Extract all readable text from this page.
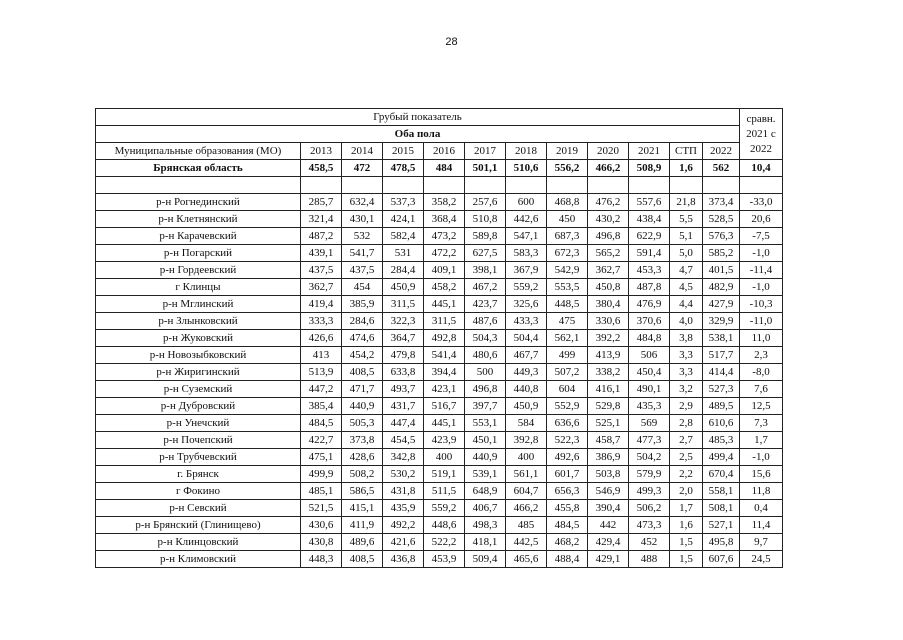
28
Грубый показатель												сравн. 2021 с 2022
Оба пола												
Муниципальные образования (МО)	2013	2014	2015	2016	2017	2018	2019	2020	2021	СТП	2022	
Брянская область	458,5	472	478,5	484	501,1	510,6	556,2	466,2	508,9	1,6	562	10,4

р-н Рогнединский	285,7	632,4	537,3	358,2	257,6	600	468,8	476,2	557,6	21,8	373,4	-33,0
р-н Клетнянский	321,4	430,1	424,1	368,4	510,8	442,6	450	430,2	438,4	5,5	528,5	20,6
р-н Карачевский	487,2	532	582,4	473,2	589,8	547,1	687,3	496,8	622,9	5,1	576,3	-7,5
р-н Погарский	439,1	541,7	531	472,2	627,5	583,3	672,3	565,2	591,4	5,0	585,2	-1,0
р-н Гордеевский	437,5	437,5	284,4	409,1	398,1	367,9	542,9	362,7	453,3	4,7	401,5	-11,4
г Клинцы	362,7	454	450,9	458,2	467,2	559,2	553,5	450,8	487,8	4,5	482,9	-1,0
р-н Мглинский	419,4	385,9	311,5	445,1	423,7	325,6	448,5	380,4	476,9	4,4	427,9	-10,3
р-н Злынковский	333,3	284,6	322,3	311,5	487,6	433,3	475	330,6	370,6	4,0	329,9	-11,0
р-н Жуковский	426,6	474,6	364,7	492,8	504,3	504,4	562,1	392,2	484,8	3,8	538,1	11,0
р-н Новозыбковский	413	454,2	479,8	541,4	480,6	467,7	499	413,9	506	3,3	517,7	2,3
р-н Жиригинский	513,9	408,5	633,8	394,4	500	449,3	507,2	338,2	450,4	3,3	414,4	-8,0
р-н Суземский	447,2	471,7	493,7	423,1	496,8	440,8	604	416,1	490,1	3,2	527,3	7,6
р-н Дубровский	385,4	440,9	431,7	516,7	397,7	450,9	552,9	529,8	435,3	2,9	489,5	12,5
р-н Унечский	484,5	505,3	447,4	445,1	553,1	584	636,6	525,1	569	2,8	610,6	7,3
р-н Почепский	422,7	373,8	454,5	423,9	450,1	392,8	522,3	458,7	477,3	2,7	485,3	1,7
р-н Трубчевский	475,1	428,6	342,8	400	440,9	400	492,6	386,9	504,2	2,5	499,4	-1,0
г. Брянск	499,9	508,2	530,2	519,1	539,1	561,1	601,7	503,8	579,9	2,2	670,4	15,6
г Фокино	485,1	586,5	431,8	511,5	648,9	604,7	656,3	546,9	499,3	2,0	558,1	11,8
р-н Севский	521,5	415,1	435,9	559,2	406,7	466,2	455,8	390,4	506,2	1,7	508,1	0,4
р-н Брянский (Глинищево)	430,6	411,9	492,2	448,6	498,3	485	484,5	442	473,3	1,6	527,1	11,4
р-н Клинцовский	430,8	489,6	421,6	522,2	418,1	442,5	468,2	429,4	452	1,5	495,8	9,7
р-н Климовский	448,3	408,5	436,8	453,9	509,4	465,6	488,4	429,1	488	1,5	607,6	24,5
